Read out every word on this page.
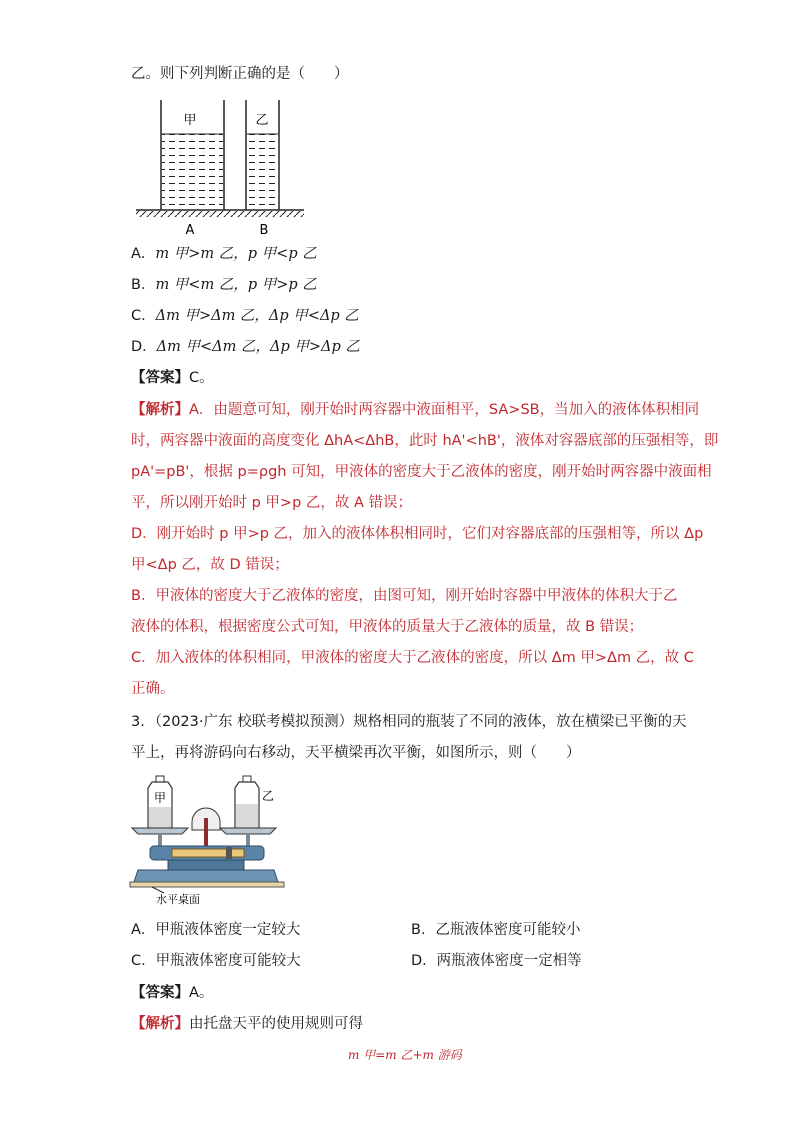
乙。则下列判断正确的是（　　）
甲	乙
A	B
A．m 甲>m 乙，p 甲<p 乙
B．m 甲<m 乙，p 甲>p 乙
C．Δm 甲>Δm 乙，Δp 甲<Δp 乙
D．Δm 甲<Δm 乙，Δp 甲>Δp 乙
【答案】C。
【解析】A．由题意可知，刚开始时两容器中液面相平，SA>SB，当加入的液体体积相同
时，两容器中液面的高度变化 ΔhA<ΔhB，此时 hA'<hB'，液体对容器底部的压强相等，即
pA'=pB'，根据 p=ρgh 可知，甲液体的密度大于乙液体的密度，刚开始时两容器中液面相
平，所以刚开始时 p 甲>p 乙，故 A 错误；
D．刚开始时 p 甲>p 乙，加入的液体体积相同时，它们对容器底部的压强相等，所以 Δp
甲<Δp 乙，故 D 错误；
B．甲液体的密度大于乙液体的密度，由图可知，刚开始时容器中甲液体的体积大于乙
液体的体积，根据密度公式可知，甲液体的质量大于乙液体的质量，故 B 错误；
C．加入液体的体积相同，甲液体的密度大于乙液体的密度，所以 Δm 甲>Δm 乙，故 C
正确。
3．（2023·广东 校联考模拟预测）规格相同的瓶装了不同的液体，放在横梁已平衡的天
平上，再将游码向右移动，天平横梁再次平衡，如图所示，则（　　）
甲	乙
水平桌面
A．甲瓶液体密度一定较大	B．乙瓶液体密度可能较小
C．甲瓶液体密度可能较大	D．两瓶液体密度一定相等
【答案】A。
【解析】由托盘天平的使用规则可得
m 甲=m 乙+m 游码
